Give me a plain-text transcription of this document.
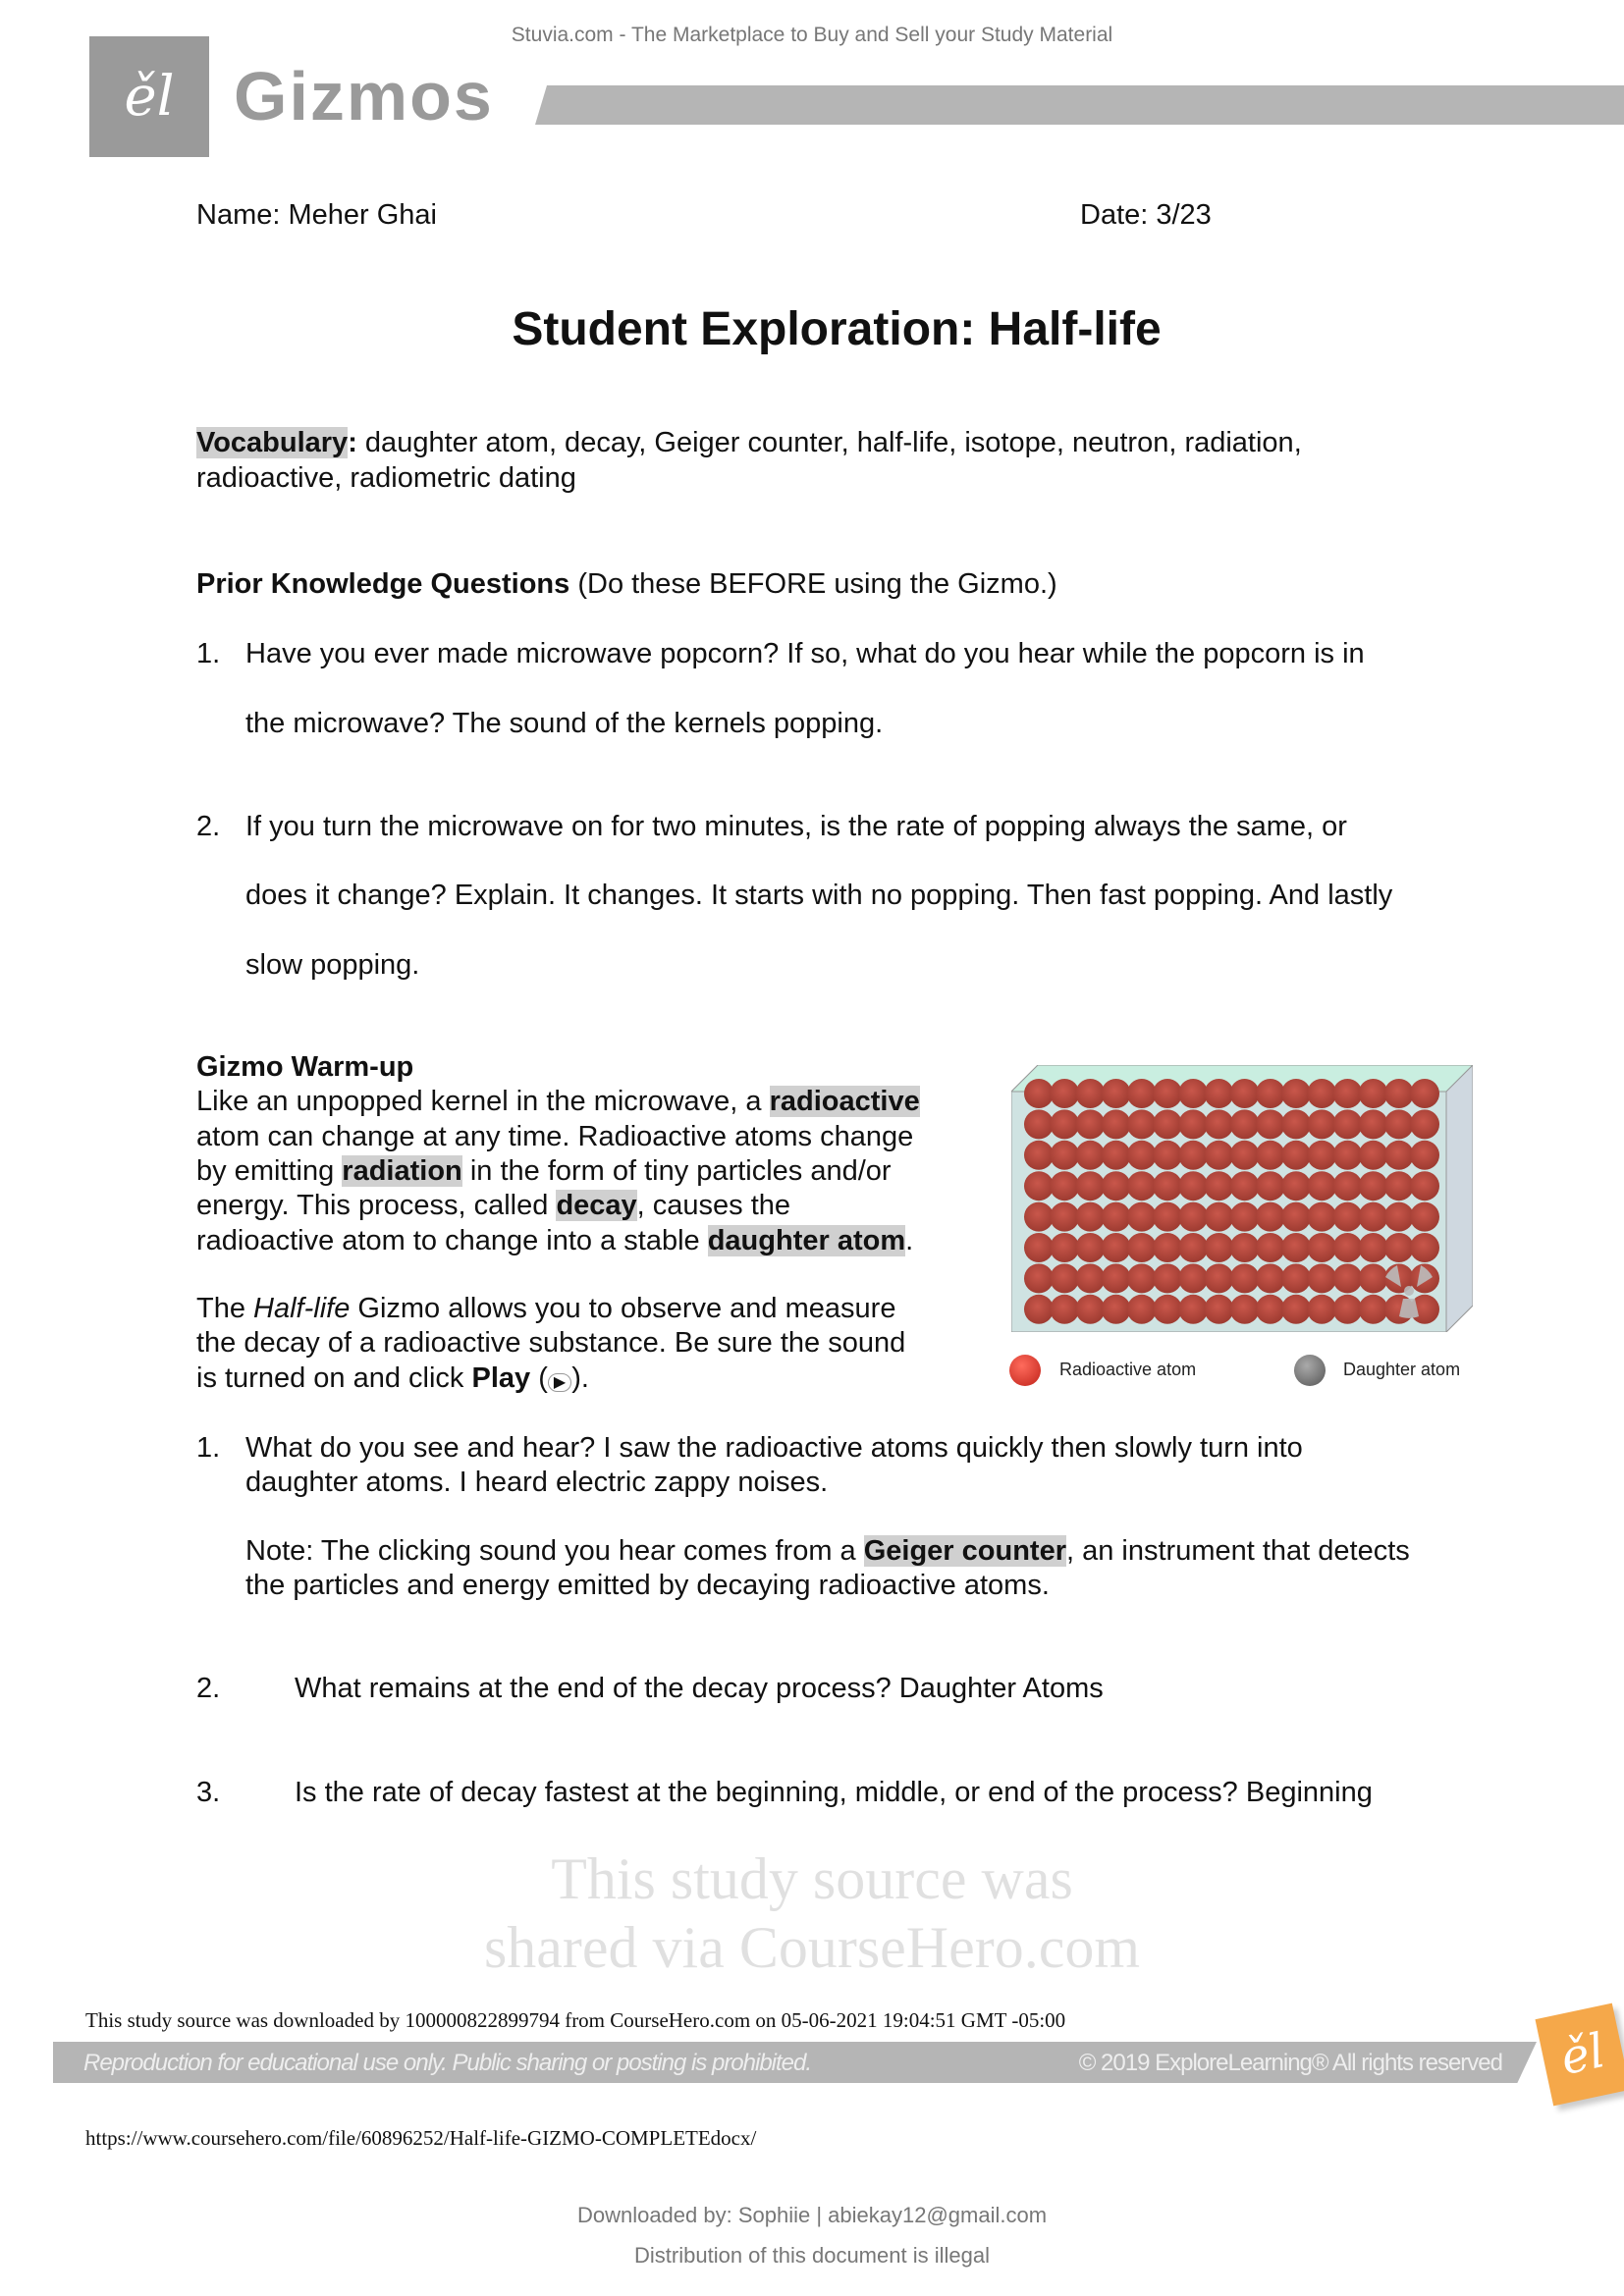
This study source was
shared via CourseHero.com
Stuvia.com - The Marketplace to Buy and Sell your Study Material
ěl Gizmos
Name: Meher Ghai	Date: 3/23
Student Exploration: Half-life
Vocabulary: daughter atom, decay, Geiger counter, half-life, isotope, neutron, radiation,
radioactive, radiometric dating
Prior Knowledge Questions (Do these BEFORE using the Gizmo.)
1. Have you ever made microwave popcorn? If so, what do you hear while the popcorn is in
the microwave? The sound of the kernels popping.
2. If you turn the microwave on for two minutes, is the rate of popping always the same, or
does it change? Explain. It changes. It starts with no popping. Then fast popping. And lastly
slow popping.
Gizmo Warm-up
Like an unpopped kernel in the microwave, a radioactive
atom can change at any time. Radioactive atoms change
by emitting radiation in the form of tiny particles and/or
energy. This process, called decay, causes the
radioactive atom to change into a stable daughter atom.
The Half-life Gizmo allows you to observe and measure
the decay of a radioactive substance. Be sure the sound
is turned on and click Play ( ▶ ).	Radioactive atom	Daughter atom
1. What do you see and hear? I saw the radioactive atoms quickly then slowly turn into
daughter atoms. I heard electric zappy noises.
Note: The clicking sound you hear comes from a Geiger counter, an instrument that detects
the particles and energy emitted by decaying radioactive atoms.
2.	What remains at the end of the decay process? Daughter Atoms
3.	Is the rate of decay fastest at the beginning, middle, or end of the process? Beginning
This study source was downloaded by 100000822899794 from CourseHero.com on 05-06-2021 19:04:51 GMT -05:00
Reproduction for educational use only. Public sharing or posting is prohibited.	© 2019 ExploreLearning® All rights reserved	ěl
https://www.coursehero.com/file/60896252/Half-life-GIZMO-COMPLETEdocx/
Downloaded by: Sophiie | abiekay12@gmail.com
Distribution of this document is illegal
